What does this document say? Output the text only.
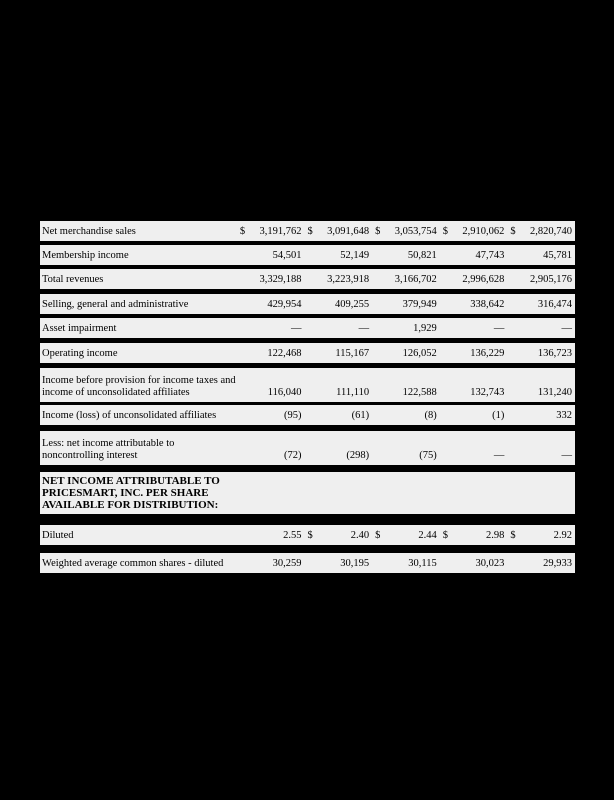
Net merchandise sales	$ 3,191,762 $ 3,091,648 $ 3,053,754 $ 2,910,062 $ 2,820,740
Membership income	54,501	52,149	50,821	47,743	45,781
Total revenues	3,329,188 3,223,918 3,166,702 2,996,628 2,905,176
Selling, general and administrative	429,954	409,255	379,949	338,642	316,474
Asset impairment	—	—	1,929	—	—
Operating income	122,468	115,167	126,052	136,229	136,723
Income before provision for income taxes and income of unconsolidated affiliates	116,040	111,110	122,588	132,743	131,240
Income (loss) of unconsolidated affiliates	(95)	(61)	(8)	(1)	332
Less: net income attributable to noncontrolling interest	(72)	(298)	(75)	—	—
NET INCOME ATTRIBUTABLE TO PRICESMART, INC. PER SHARE AVAILABLE FOR DISTRIBUTION:
Diluted	2.55 $	2.40 $	2.44 $	2.98 $	2.92
Weighted average common shares - diluted	30,259	30,195	30,115	30,023	29,933
